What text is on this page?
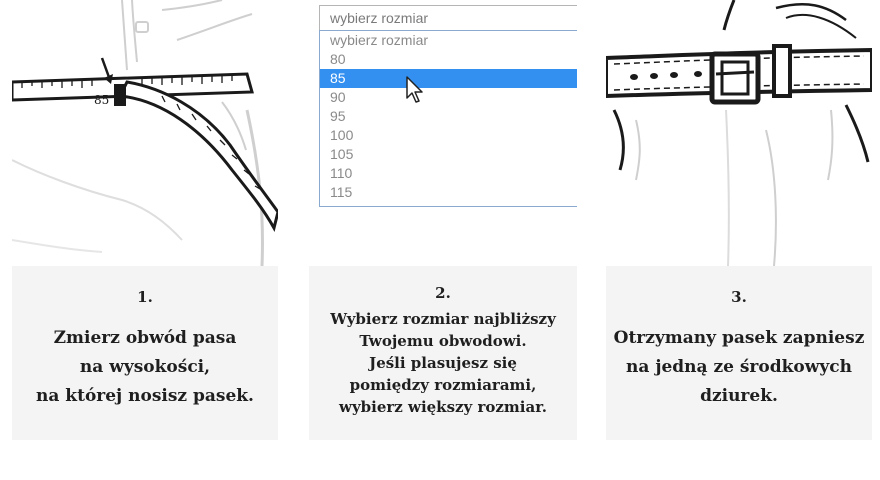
85
1.
Zmierz obwód pasa
na wysokości,
na której nosisz pasek.
wybierz rozmiar
wybierz rozmiar
80
85
90
95
100
105
110
115
2.
Wybierz rozmiar najbliższy
Twojemu obwodowi.
Jeśli plasujesz się
pomiędzy rozmiarami,
wybierz większy rozmiar.
3.
Otrzymany pasek zapniesz
na jedną ze środkowych
dziurek.
